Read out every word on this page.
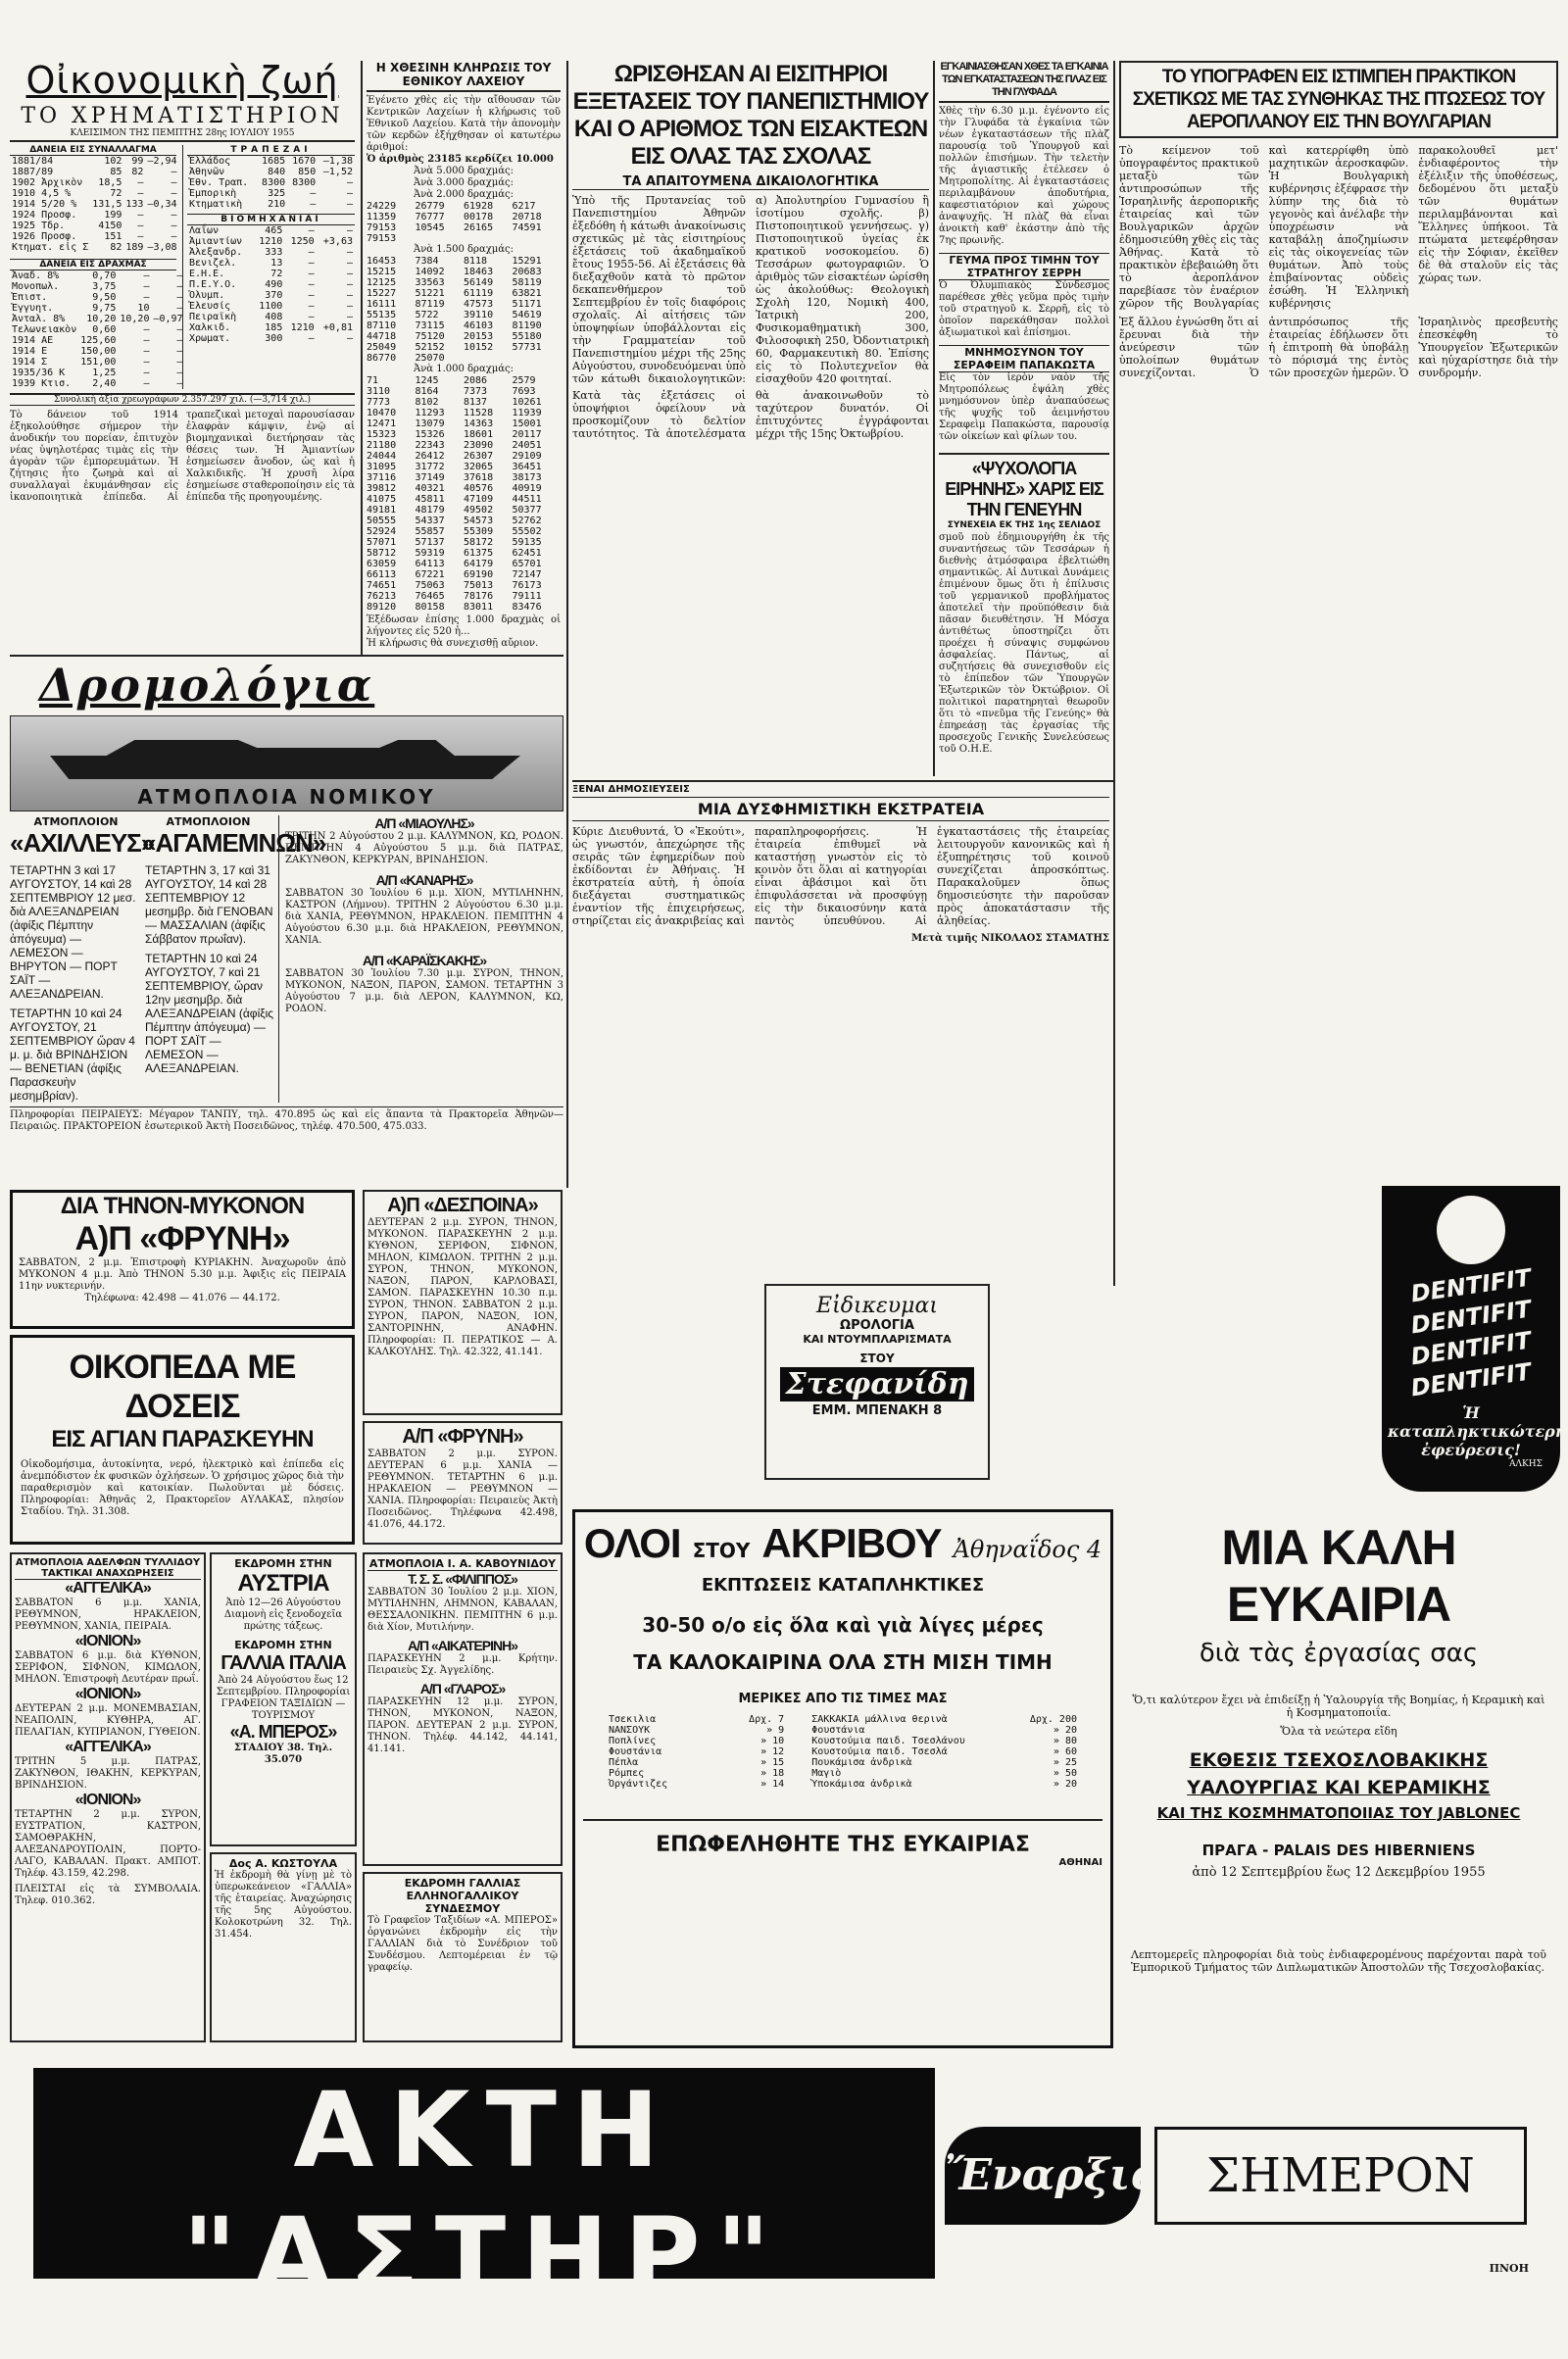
Οἰκονομικὴ ζωή
ΤΟ ΧΡΗΜΑΤΙΣΤΗΡΙΟΝ
ΚΛΕΙΣΙΜΟΝ ΤΗΣ ΠΕΜΠΤΗΣ 28ης ΙΟΥΛΙΟΥ 1955
ΔΑΝΕΙΑ ΕΙΣ ΣΥΝΑΛΛΑΓΜΑ
1881/84	102	99	—2,94
1887/89	85	82	—
1902 Ἀρχικὸν	18,5	—	—
1910 4,5 %	72	—	—
1914 5/20 %	131,5	133	—0,34
1924 Προσφ.	199	—	—
1925 Τδρ.	4150	—	—
1926 Προσφ.	151	—	—
Κτηματ. εἰς Σ	82	189	—3,08
ΔΑΝΕΙΑ ΕΙΣ ΔΡΑΧΜΑΣ
Ἀναδ. 8%	0,70	—	—
Μονοπωλ.	3,75	—	—
Ἐπιστ.	9,50	—	—
Ἐγγυητ.	9,75	10	—
Ἀνταλ. 8%	10,20	10,20	—0,97
Τελωνειακὸν	0,60	—	—
1914 ΑΕ	125,60	—	—
1914 Ε	150,00	—	—
1914 Σ	151,00	—	—
1935/36 Κ	1,25	—	—
1939 Κτισ.	2,40	—	—
ΤΡΑΠΕΖΑΙ
Ἑλλάδος	1685	1670	—1,38
Ἀθηνῶν	840	850	—1,52
Ἐθν. Τραπ.	8300	8300	—
Ἐμπορικὴ	325	—	—
Κτηματικὴ	210	—	—
ΒΙΟΜΗΧΑΝΙΑΙ
Λαΐων	465	—	—
Ἀμιαντίων	1210	1250	+3,63
Ἀλεξανδρ.	333	—	—
Βενιζελ.	13	—	—
Ε.Η.Ε.	72	—	—
Π.Ε.Υ.Ο.	490	—	—
Ὁλυμπ.	370	—	—
Ἑλευσίς	1100	—	—
Πειραϊκὴ	408	—	—
Χαλκιδ.	185	1210	+0,81
Χρωματ.	300	—	—
Συνολικὴ ἀξία χρεωγράφων 2.357.297 χιλ. (—3,714 χιλ.)
Τὸ δάνειον τοῦ 1914 ἐξηκολούθησε σήμερον τὴν ἀνοδικήν του πορείαν, ἐπιτυχὸν νέας ὑψηλοτέρας τιμὰς εἰς τὴν ἀγορὰν τῶν ἐμπορευμάτων. Ἡ ζήτησις ἦτο ζωηρὰ καὶ αἱ συναλλαγαὶ ἐκυμάνθησαν εἰς ἱκανοποιητικὰ ἐπίπεδα. Αἱ τραπεζικαὶ μετοχαὶ παρουσίασαν ἐλαφρὰν κάμψιν, ἐνῷ αἱ βιομηχανικαὶ διετήρησαν τὰς θέσεις των. Ἡ Ἀμιαντίων ἐσημείωσεν ἄνοδον, ὡς καὶ ἡ Χαλκιδικῆς. Ἡ χρυσῆ λίρα ἐσημείωσε σταθεροποίησιν εἰς τὰ ἐπίπεδα τῆς προηγουμένης.
Η ΧΘΕΣΙΝΗ ΚΛΗΡΩΣΙΣ ΤΟΥ ΕΘΝΙΚΟΥ ΛΑΧΕΙΟΥ
Ἐγένετο χθὲς εἰς τὴν αἴθουσαν τῶν Κεντρικῶν Λαχείων ἡ κλήρωσις τοῦ Ἐθνικοῦ Λαχείου. Κατὰ τὴν ἀπονομὴν τῶν κερδῶν ἐξήχθησαν οἱ κατωτέρω ἀριθμοί:
Ὁ ἀριθμὸς 23185 κερδίζει 10.000
Ἀνὰ 5.000 δραχμάς:
Ἀνὰ 3.000 δραχμάς:
Ἀνὰ 2.000 δραχμάς:
24229	26779	61928	6217
11359	76777	00178	20718
79153	10545	26165	74591
79153
Ἀνὰ 1.500 δραχμάς:
16453	7384	8118	15291
15215	14092	18463	20683
12125	33563	56149	58119
15227	51221	61119	63821
16111	87119	47573	51171
55135	5722	39110	54619
87110	73115	46103	81190
44718	75120	20153	55180
25049	52152	10152	57731
86770	25070
Ἀνὰ 1.000 δραχμάς:
71	1245	2086	2579
3110	8164	7373	7693
7773	8102	8137	10261
10470	11293	11528	11939
12471	13079	14363	15001
15323	15326	18601	20117
21180	22343	23090	24051
24044	26412	26307	29109
31095	31772	32065	36451
37116	37149	37618	38173
39812	40321	40576	40919
41075	45811	47109	44511
49181	48179	49502	50377
50555	54337	54573	52762
52924	55857	55309	55502
57071	57137	58172	59135
58712	59319	61375	62451
63059	64113	64179	65701
66113	67221	69190	72147
74651	75063	75013	76173
76213	76465	78176	79111
89120	80158	83011	83476
Ἐξέδωσαν ἐπίσης 1.000 δραχμὰς οἱ λήγοντες εἰς 520 ἡ...
Ἡ κλήρωσις θὰ συνεχισθῇ αὔριον.
ΩΡΙΣΘΗΣΑΝ ΑΙ ΕΙΣΙΤΗΡΙΟΙ ΕΞΕΤΑΣΕΙΣ ΤΟΥ ΠΑΝΕΠΙΣΤΗΜΙΟΥ ΚΑΙ Ο ΑΡΙΘΜΟΣ ΤΩΝ ΕΙΣΑΚΤΕΩΝ ΕΙΣ ΟΛΑΣ ΤΑΣ ΣΧΟΛΑΣ
ΤΑ ΑΠΑΙΤΟΥΜΕΝΑ ΔΙΚΑΙΟΛΟΓΗΤΙΚΑ
Ὑπὸ τῆς Πρυτανείας τοῦ Πανεπιστημίου Ἀθηνῶν ἐξεδόθη ἡ κάτωθι ἀνακοίνωσις σχετικῶς μὲ τὰς εἰσιτηρίους ἐξετάσεις τοῦ ἀκαδημαϊκοῦ ἔτους 1955-56. Αἱ ἐξετάσεις θὰ διεξαχθοῦν κατὰ τὸ πρῶτον δεκαπενθήμερον τοῦ Σεπτεμβρίου ἐν τοῖς διαφόροις σχολαῖς. Αἱ αἰτήσεις τῶν ὑποψηφίων ὑποβάλλονται εἰς τὴν Γραμματείαν τοῦ Πανεπιστημίου μέχρι τῆς 25ης Αὐγούστου, συνοδευόμεναι ὑπὸ τῶν κάτωθι δικαιολογητικῶν: α) Ἀπολυτηρίου Γυμνασίου ἢ ἰσοτίμου σχολῆς. β) Πιστοποιητικοῦ γεννήσεως. γ) Πιστοποιητικοῦ ὑγείας ἐκ κρατικοῦ νοσοκομείου. δ) Τεσσάρων φωτογραφιῶν. Ὁ ἀριθμὸς τῶν εἰσακτέων ὡρίσθη ὡς ἀκολούθως: Θεολογικὴ Σχολὴ 120, Νομικὴ 400, Ἰατρικὴ 200, Φυσικομαθηματικὴ 300, Φιλοσοφικὴ 250, Ὀδοντιατρικὴ 60, Φαρμακευτικὴ 80. Ἐπίσης εἰς τὸ Πολυτεχνεῖον θὰ εἰσαχθοῦν 420 φοιτηταί.
Κατὰ τὰς ἐξετάσεις οἱ ὑποψήφιοι ὀφείλουν νὰ προσκομίζουν τὸ δελτίον ταυτότητος. Τὰ ἀποτελέσματα θὰ ἀνακοινωθοῦν τὸ ταχύτερον δυνατόν. Οἱ ἐπιτυχόντες ἐγγράφονται μέχρι τῆς 15ης Ὀκτωβρίου.
ΕΓΚΑΙΝΙΑΣΘΗΣΑΝ ΧΘΕΣ ΤΑ ΕΓΚΑΙΝΙΑ ΤΩΝ ΕΓΚΑΤΑΣΤΑΣΕΩΝ ΤΗΣ ΠΛΑΖ ΕΙΣ ΤΗΝ ΓΛΥΦΑΔΑ
Χθὲς τὴν 6.30 μ.μ. ἐγένοντο εἰς τὴν Γλυφάδα τὰ ἐγκαίνια τῶν νέων ἐγκαταστάσεων τῆς πλὰζ παρουσίᾳ τοῦ Ὑπουργοῦ καὶ πολλῶν ἐπισήμων. Τὴν τελετὴν τῆς ἁγιαστικῆς ἐτέλεσεν ὁ Μητροπολίτης. Αἱ ἐγκαταστάσεις περιλαμβάνουν ἀποδυτήρια, καφεστιατόριον καὶ χώρους ἀναψυχῆς. Ἡ πλὰζ θὰ εἶναι ἀνοικτὴ καθ' ἑκάστην ἀπὸ τῆς 7ης πρωινῆς.
ΓΕΥΜΑ ΠΡΟΣ ΤΙΜΗΝ ΤΟΥ ΣΤΡΑΤΗΓΟΥ ΣΕΡΡΗ
Ὁ Ὀλυμπιακὸς Σύνδεσμος παρέθεσε χθὲς γεῦμα πρὸς τιμὴν τοῦ στρατηγοῦ κ. Σερρῆ, εἰς τὸ ὁποῖον παρεκάθησαν πολλοὶ ἀξιωματικοὶ καὶ ἐπίσημοι.
ΜΝΗΜΟΣΥΝΟΝ ΤΟΥ ΣΕΡΑΦΕΙΜ ΠΑΠΑΚΩΣΤΑ
Εἰς τὸν ἱερὸν ναὸν τῆς Μητροπόλεως ἐψάλη χθὲς μνημόσυνον ὑπὲρ ἀναπαύσεως τῆς ψυχῆς τοῦ ἀειμνήστου Σεραφεὶμ Παπακώστα, παρουσίᾳ τῶν οἰκείων καὶ φίλων του.
«ΨΥΧΟΛΟΓΙΑ ΕΙΡΗΝΗΣ» ΧΑΡΙΣ ΕΙΣ ΤΗΝ ΓΕΝΕΥΗΝ
ΣΥΝΕΧΕΙΑ ΕΚ ΤΗΣ 1ης ΣΕΛΙΔΟΣ
σμοῦ ποὺ ἐδημιουργήθη ἐκ τῆς συναντήσεως τῶν Τεσσάρων ἡ διεθνὴς ἀτμόσφαιρα ἐβελτιώθη σημαντικῶς. Αἱ Δυτικαὶ Δυνάμεις ἐπιμένουν ὅμως ὅτι ἡ ἐπίλυσις τοῦ γερμανικοῦ προβλήματος ἀποτελεῖ τὴν προϋπόθεσιν διὰ πᾶσαν διευθέτησιν. Ἡ Μόσχα ἀντιθέτως ὑποστηρίζει ὅτι προέχει ἡ σύναψις συμφώνου ἀσφαλείας. Πάντως, αἱ συζητήσεις θὰ συνεχισθοῦν εἰς τὸ ἐπίπεδον τῶν Ὑπουργῶν Ἐξωτερικῶν τὸν Ὀκτώβριον. Οἱ πολιτικοὶ παρατηρηταὶ θεωροῦν ὅτι τὸ «πνεῦμα τῆς Γενεύης» θὰ ἐπηρεάσῃ τὰς ἐργασίας τῆς προσεχοῦς Γενικῆς Συνελεύσεως τοῦ Ο.Η.Ε.
ΤΟ ΥΠΟΓΡΑΦΕΝ ΕΙΣ ΙΣΤΙΜΠΕΗ ΠΡΑΚΤΙΚΟΝ ΣΧΕΤΙΚΩΣ ΜΕ ΤΑΣ ΣΥΝΘΗΚΑΣ ΤΗΣ ΠΤΩΣΕΩΣ ΤΟΥ ΑΕΡΟΠΛΑΝΟΥ ΕΙΣ ΤΗΝ ΒΟΥΛΓΑΡΙΑΝ
Τὸ κείμενον τοῦ ὑπογραφέντος πρακτικοῦ μεταξὺ τῶν ἀντιπροσώπων τῆς Ἰσραηλινῆς ἀεροπορικῆς ἑταιρείας καὶ τῶν Βουλγαρικῶν ἀρχῶν ἐδημοσιεύθη χθὲς εἰς τὰς Ἀθήνας. Κατὰ τὸ πρακτικὸν ἐβεβαιώθη ὅτι τὸ ἀεροπλάνον παρεβίασε τὸν ἐναέριον χῶρον τῆς Βουλγαρίας καὶ κατερρίφθη ὑπὸ μαχητικῶν ἀεροσκαφῶν. Ἡ Βουλγαρικὴ κυβέρνησις ἐξέφρασε τὴν λύπην της διὰ τὸ γεγονὸς καὶ ἀνέλαβε τὴν ὑποχρέωσιν νὰ καταβάλῃ ἀποζημίωσιν εἰς τὰς οἰκογενείας τῶν θυμάτων. Ἀπὸ τοὺς ἐπιβαίνοντας οὐδεὶς ἐσώθη. Ἡ Ἑλληνικὴ κυβέρνησις παρακολουθεῖ μετ' ἐνδιαφέροντος τὴν ἐξέλιξιν τῆς ὑποθέσεως, δεδομένου ὅτι μεταξὺ τῶν θυμάτων περιλαμβάνονται καὶ Ἕλληνες ὑπήκοοι. Τὰ πτώματα μετεφέρθησαν εἰς τὴν Σόφιαν, ἐκεῖθεν δὲ θὰ σταλοῦν εἰς τὰς χώρας των.
Ἐξ ἄλλου ἐγνώσθη ὅτι αἱ ἔρευναι διὰ τὴν ἀνεύρεσιν τῶν ὑπολοίπων θυμάτων συνεχίζονται. Ὁ ἀντιπρόσωπος τῆς ἑταιρείας ἐδήλωσεν ὅτι ἡ ἐπιτροπὴ θὰ ὑποβάλῃ τὸ πόρισμά της ἐντὸς τῶν προσεχῶν ἡμερῶν. Ὁ Ἰσραηλινὸς πρεσβευτὴς ἐπεσκέφθη τὸ Ὑπουργεῖον Ἐξωτερικῶν καὶ ηὐχαρίστησε διὰ τὴν συνδρομήν.
Δρομολόγια
ΑΤΜΟΠΛΟΙΑ ΝΟΜΙΚΟΥ
ΑΤΜΟΠΛΟΙΟΝ
«ΑΧΙΛΛΕΥΣ»
ΑΤΜΟΠΛΟΙΟΝ
«ΑΓΑΜΕΜΝΩΝ»
ΤΕΤΑΡΤΗΝ 3 καὶ 17 ΑΥΓΟΥΣΤΟΥ, 14 καὶ 28 ΣΕΠΤΕΜΒΡΙΟΥ 12 μεσ. διὰ ΑΛΕΞΑΝΔΡΕΙΑΝ (ἀφίξις Πέμπτην ἀπόγευμα) — ΛΕΜΕΣΟΝ — ΒΗΡΥΤΟΝ — ΠΟΡΤ ΣΑΪΤ — ΑΛΕΞΑΝΔΡΕΙΑΝ.
ΤΕΤΑΡΤΗΝ 10 καὶ 24 ΑΥΓΟΥΣΤΟΥ, 21 ΣΕΠΤΕΜΒΡΙΟΥ ὥραν 4 μ. μ. διὰ ΒΡΙΝΔΗΣΙΟΝ — ΒΕΝΕΤΙΑΝ (ἀφίξις Παρασκευὴν μεσημβρίαν).
ΤΕΤΑΡΤΗΝ 3, 17 καὶ 31 ΑΥΓΟΥΣΤΟΥ, 14 καὶ 28 ΣΕΠΤΕΜΒΡΙΟΥ 12 μεσημβρ. διὰ ΓΕΝΟΒΑΝ — ΜΑΣΣΑΛΙΑΝ (ἀφίξις Σάββατον πρωΐαν).
ΤΕΤΑΡΤΗΝ 10 καὶ 24 ΑΥΓΟΥΣΤΟΥ, 7 καὶ 21 ΣΕΠΤΕΜΒΡΙΟΥ, ὥραν 12ην μεσημβρ. διὰ ΑΛΕΞΑΝΔΡΕΙΑΝ (ἀφίξις Πέμπτην ἀπόγευμα) — ΠΟΡΤ ΣΑΪΤ — ΛΕΜΕΣΟΝ — ΑΛΕΞΑΝΔΡΕΙΑΝ.
Α/Π «ΜΙΑΟΥΛΗΣ»
ΤΡΙΤΗΝ 2 Αὐγούστου 2 μ.μ. ΚΑΛΥΜΝΟΝ, ΚΩ, ΡΟΔΟΝ. ΠΕΜΠΤΗΝ 4 Αὐγούστου 5 μ.μ. διὰ ΠΑΤΡΑΣ, ΖΑΚΥΝΘΟΝ, ΚΕΡΚΥΡΑΝ, ΒΡΙΝΔΗΣΙΟΝ.
Α/Π «ΚΑΝΑΡΗΣ»
ΣΑΒΒΑΤΟΝ 30 Ἰουλίου 6 μ.μ. ΧΙΟΝ, ΜΥΤΙΛΗΝΗΝ, ΚΑΣΤΡΟΝ (Λήμνου). ΤΡΙΤΗΝ 2 Αὐγούστου 6.30 μ.μ. διὰ ΧΑΝΙΑ, ΡΕΘΥΜΝΟΝ, ΗΡΑΚΛΕΙΟΝ. ΠΕΜΠΤΗΝ 4 Αὐγούστου 6.30 μ.μ. διὰ ΗΡΑΚΛΕΙΟΝ, ΡΕΘΥΜΝΟΝ, ΧΑΝΙΑ.
Α/Π «ΚΑΡΑΪΣΚΑΚΗΣ»
ΣΑΒΒΑΤΟΝ 30 Ἰουλίου 7.30 μ.μ. ΣΥΡΟΝ, ΤΗΝΟΝ, ΜΥΚΟΝΟΝ, ΝΑΞΟΝ, ΠΑΡΟΝ, ΣΑΜΟΝ. ΤΕΤΑΡΤΗΝ 3 Αὐγούστου 7 μ.μ. διὰ ΛΕΡΟΝ, ΚΑΛΥΜΝΟΝ, ΚΩ, ΡΟΔΟΝ.
Πληροφορίαι ΠΕΙΡΑΙΕΥΣ: Μέγαρον ΤΑΝΠΥ, τηλ. 470.895 ὡς καὶ εἰς ἅπαντα τὰ Πρακτορεῖα Ἀθηνῶν—Πειραιῶς. ΠΡΑΚΤΟΡΕΙΟΝ ἐσωτερικοῦ Ἀκτὴ Ποσειδῶνος, τηλέφ. 470.500, 475.033.
ΞΕΝΑΙ ΔΗΜΟΣΙΕΥΣΕΙΣ
ΜΙΑ ΔΥΣΦΗΜΙΣΤΙΚΗ ΕΚΣΤΡΑΤΕΙΑ
Κύριε Διευθυντά, Ὁ «Ἐκούτι», ὡς γνωστόν, ἀπεχώρησε τῆς σειρᾶς τῶν ἐφημερίδων ποὺ ἐκδίδονται ἐν Ἀθήναις. Ἡ ἐκστρατεία αὐτὴ, ἡ ὁποία διεξάγεται συστηματικῶς ἐναντίον τῆς ἐπιχειρήσεως, στηρίζεται εἰς ἀνακριβείας καὶ παραπληροφορήσεις. Ἡ ἐταιρεία ἐπιθυμεῖ νὰ καταστήσῃ γνωστὸν εἰς τὸ κοινὸν ὅτι ὅλαι αἱ κατηγορίαι εἶναι ἀβάσιμοι καὶ ὅτι ἐπιφυλάσσεται νὰ προσφύγῃ εἰς τὴν δικαιοσύνην κατὰ παντὸς ὑπευθύνου. Αἱ ἐγκαταστάσεις τῆς ἑταιρείας λειτουργοῦν κανονικῶς καὶ ἡ ἐξυπηρέτησις τοῦ κοινοῦ συνεχίζεται ἀπροσκόπτως. Παρακαλοῦμεν ὅπως δημοσιεύσητε τὴν παροῦσαν πρὸς ἀποκατάστασιν τῆς ἀληθείας.
Μετὰ τιμῆς ΝΙΚΟΛΑΟΣ ΣΤΑΜΑΤΗΣ
ΔΙΑ ΤΗΝΟΝ-ΜΥΚΟΝΟΝ
Α)Π «ΦΡΥΝΗ»
ΣΑΒΒΑΤΟΝ, 2 μ.μ. Ἐπιστροφὴ ΚΥΡΙΑΚΗΝ. Ἀναχωροῦν ἀπὸ ΜΥΚΟΝΟΝ 4 μ.μ. Ἀπὸ ΤΗΝΟΝ 5.30 μ.μ. Ἀφιξις εἰς ΠΕΙΡΑΙΑ 11ην νυκτερινήν.
Τηλέφωνα: 42.498 — 41.076 — 44.172.
Α)Π «ΔΕΣΠΟΙΝΑ»
ΔΕΥΤΕΡΑΝ 2 μ.μ. ΣΥΡΟΝ, ΤΗΝΟΝ, ΜΥΚΟΝΟΝ. ΠΑΡΑΣΚΕΥΗΝ 2 μ.μ. ΚΥΘΝΟΝ, ΣΕΡΙΦΟΝ, ΣΙΦΝΟΝ, ΜΗΛΟΝ, ΚΙΜΩΛΟΝ. ΤΡΙΤΗΝ 2 μ.μ. ΣΥΡΟΝ, ΤΗΝΟΝ, ΜΥΚΟΝΟΝ, ΝΑΞΟΝ, ΠΑΡΟΝ, ΚΑΡΛΟΒΑΣΙ, ΣΑΜΟΝ. ΠΑΡΑΣΚΕΥΗΝ 10.30 π.μ. ΣΥΡΟΝ, ΤΗΝΟΝ. ΣΑΒΒΑΤΟΝ 2 μ.μ. ΣΥΡΟΝ, ΠΑΡΟΝ, ΝΑΞΟΝ, ΙΟΝ, ΣΑΝΤΟΡΙΝΗΝ, ΑΝΑΦΗΝ. Πληροφορίαι: Π. ΠΕΡΑΤΙΚΟΣ — Α. ΚΑΛΚΟΥΛΗΣ. Τηλ. 42.322, 41.141.
ΟΙΚΟΠΕΔΑ ΜΕ ΔΟΣΕΙΣ
ΕΙΣ ΑΓΙΑΝ ΠΑΡΑΣΚΕΥΗΝ
Οἰκοδομήσιμα, ἀυτοκίνητα, νερό, ἠλεκτρικὸ καὶ ἐπίπεδα εἰς ἀνεμπόδιστον ἐκ φυσικῶν ὀχλήσεων. Ὁ χρήσιμος χῶρος διὰ τὴν παραθερισμὸν καὶ κατοικίαν. Πωλοῦνται μὲ δόσεις. Πληροφορίαι: Ἀθηνᾶς 2, Πρακτορεῖον ΑΥΛΑΚΑΣ, πλησίον Σταδίου. Τηλ. 31.308.
Α/Π «ΦΡΥΝΗ»
ΣΑΒΒΑΤΟΝ 2 μ.μ. ΣΥΡΟΝ. ΔΕΥΤΕΡΑΝ 6 μ.μ. ΧΑΝΙΑ — ΡΕΘΥΜΝΟΝ. ΤΕΤΑΡΤΗΝ 6 μ.μ. ΗΡΑΚΛΕΙΟΝ — ΡΕΘΥΜΝΟΝ — ΧΑΝΙΑ. Πληροφορίαι: Πειραιεὺς Ἀκτὴ Ποσειδῶνος. Τηλέφωνα 42.498, 41.076, 44.172.
ΑΤΜΟΠΛΟΙΑ ΑΔΕΛΦΩΝ ΤΥΛΛΙΔΟΥ
ΤΑΚΤΙΚΑΙ ΑΝΑΧΩΡΗΣΕΙΣ
«ΑΓΓΕΛΙΚΑ»
ΣΑΒΒΑΤΟΝ 6 μ.μ. ΧΑΝΙΑ, ΡΕΘΥΜΝΟΝ, ΗΡΑΚΛΕΙΟΝ, ΡΕΘΥΜΝΟΝ, ΧΑΝΙΑ, ΠΕΙΡΑΙΑ.
«ΙΟΝΙΟΝ»
ΣΑΒΒΑΤΟΝ 6 μ.μ. διὰ ΚΥΘΝΟΝ, ΣΕΡΙΦΟΝ, ΣΙΦΝΟΝ, ΚΙΜΩΛΟΝ, ΜΗΛΟΝ. Ἐπιστροφὴ Δευτέραν πρωΐ.
«ΙΟΝΙΟΝ»
ΔΕΥΤΕΡΑΝ 2 μ.μ. ΜΟΝΕΜΒΑΣΙΑΝ, ΝΕΑΠΟΛΙΝ, ΚΥΘΗΡΑ, ΑΓ. ΠΕΛΑΓΙΑΝ, ΚΥΠΡΙΑΝΟΝ, ΓΥΘΕΙΟΝ.
«ΑΓΓΕΛΙΚΑ»
ΤΡΙΤΗΝ 5 μ.μ. ΠΑΤΡΑΣ, ΖΑΚΥΝΘΟΝ, ΙΘΑΚΗΝ, ΚΕΡΚΥΡΑΝ, ΒΡΙΝΔΗΣΙΟΝ.
«ΙΟΝΙΟΝ»
ΤΕΤΑΡΤΗΝ 2 μ.μ. ΣΥΡΟΝ, ΕΥΣΤΡΑΤΙΟΝ, ΚΑΣΤΡΟΝ, ΣΑΜΟΘΡΑΚΗΝ, ΑΛΕΞΑΝΔΡΟΥΠΟΛΙΝ, ΠΟΡΤΟ-ΛΑΓΟ, ΚΑΒΑΛΑΝ. Πρακτ. ΑΜΠΟΤ. Τηλέφ. 43.159, 42.298.
ΠΛΕΙΣΤΑΙ εἰς τὰ ΣΥΜΒΟΛΑΙΑ. Τηλεφ. 010.362.
ΕΚΔΡΟΜΗ ΣΤΗΝ
ΑΥΣΤΡΙΑ
Ἀπὸ 12—26 Αὐγούστου Διαμονὴ εἰς ξενοδοχεῖα πρώτης τάξεως.
ΕΚΔΡΟΜΗ ΣΤΗΝ
ΓΑΛΛΙΑ ΙΤΑΛΙΑ
Ἀπὸ 24 Αὐγούστου ἕως 12 Σεπτεμβρίου. Πληροφορίαι ΓΡΑΦΕΙΟΝ ΤΑΞΙΔΙΩΝ — ΤΟΥΡΙΣΜΟΥ
«Α. ΜΠΕΡΟΣ»
ΣΤΑΔΙΟΥ 38. Τηλ. 35.070
Δος Α. ΚΩΣΤΟΥΛΑ
Ἡ ἐκδρομὴ θὰ γίνῃ μὲ τὸ ὑπερωκεάνειον «ΓΑΛΛΙΑ» τῆς ἑταιρείας. Ἀναχώρησις τῆς 5ης Αὐγούστου. Κολοκοτρώνη 32. Τηλ. 31.454.
ΑΤΜΟΠΛΟΙΑ Ι. Α. ΚΑΒΟΥΝΙΔΟΥ
Τ. Σ. Σ. «ΦΙΛΙΠΠΟΣ»
ΣΑΒΒΑΤΟΝ 30 Ἰουλίου 2 μ.μ. ΧΙΟΝ, ΜΥΤΙΛΗΝΗΝ, ΛΗΜΝΟΝ, ΚΑΒΑΛΑΝ, ΘΕΣΣΑΛΟΝΙΚΗΝ. ΠΕΜΠΤΗΝ 6 μ.μ. διὰ Χίον, Μυτιλήνην.
Α/Π «ΑΙΚΑΤΕΡΙΝΗ»
ΠΑΡΑΣΚΕΥΗΝ 2 μ.μ. Κρήτην. Πειραιεὺς Σχ. Ἀγγελίδης.
Α/Π «ΓΛΑΡΟΣ»
ΠΑΡΑΣΚΕΥΗΝ 12 μ.μ. ΣΥΡΟΝ, ΤΗΝΟΝ, ΜΥΚΟΝΟΝ, ΝΑΞΟΝ, ΠΑΡΟΝ. ΔΕΥΤΕΡΑΝ 2 μ.μ. ΣΥΡΟΝ, ΤΗΝΟΝ. Τηλέφ. 44.142, 44.141, 41.141.
ΕΚΔΡΟΜΗ ΓΑΛΛΙΑΣ ΕΛΛΗΝΟΓΑΛΛΙΚΟΥ ΣΥΝΔΕΣΜΟΥ
Τὸ Γραφεῖον Ταξιδίων «Α. ΜΠΕΡΟΣ» ὀργανώνει ἐκδρομὴν εἰς τὴν ΓΑΛΛΙΑΝ διὰ τὸ Συνέδριον τοῦ Συνδέσμου. Λεπτομέρειαι ἐν τῷ γραφείῳ.
Εἰδικευμαι
ΩΡΟΛΟΓΙΑ
ΚΑΙ ΝΤΟΥΜΠΛΑΡΙΣΜΑΤΑ
ΣΤΟΥ
Στεφανίδη
ΕΜΜ. ΜΠΕΝΑΚΗ 8
ΟΛΟΙ ΣΤΟΥ ΑΚΡΙΒΟΥ Ἀθηναΐδος 4
ΕΚΠΤΩΣΕΙΣ ΚΑΤΑΠΛΗΚΤΙΚΕΣ
30-50 ο/ο εἰς ὅλα καὶ γιὰ λίγες μέρες
ΤΑ ΚΑΛΟΚΑΙΡΙΝΑ ΟΛΑ ΣΤΗ ΜΙΣΗ ΤΙΜΗ
ΜΕΡΙΚΕΣ ΑΠΟ ΤΙΣ ΤΙΜΕΣ ΜΑΣ
Τσεκιλια	Δρχ. 7
ΝΑΝΣΟΥΚ	» 9
Ποπλίνες	» 10
Φουστάνια	» 12
Πέπλα	» 15
Ρόμπες	» 18
Ὀργάντιζες	» 14
ΣΑΚΚΑΚΙΑ μάλλινα θερινὰ	Δρχ. 200
Φουστάνια	» 20
Κουστούμια παιδ. Τσεσλάνου	» 80
Κουστούμια παιδ. Τσεσλά	» 60
Πουκάμισα ἀνδρικὰ	» 25
Μαγιὸ	» 50
Ὑποκάμισα ἀνδρικὰ	» 20
ΕΠΩΦΕΛΗΘΗΤΕ ΤΗΣ ΕΥΚΑΙΡΙΑΣ
ΑΘΗΝΑΙ
DENTIFIT
DENTIFIT
DENTIFIT
DENTIFIT
Ἡ καταπληκτικώτερη ἐφεύρεσις!
ΑΛΚΗΣ
ΜΙΑ ΚΑΛΗ ΕΥΚΑΙΡΙΑ
διὰ τὰς ἐργασίας σας
Ὅ,τι καλύτερον ἔχει νὰ ἐπιδείξῃ ἡ Ὑαλουργία τῆς Βοημίας, ἡ Κεραμικὴ καὶ ἡ Κοσμηματοποιΐα.
Ὅλα τὰ νεώτερα εἴδη
ΕΚΘΕΣΙΣ ΤΣΕΧΟΣΛΟΒΑΚΙΚΗΣ
ΥΑΛΟΥΡΓΙΑΣ ΚΑΙ ΚΕΡΑΜΙΚΗΣ
ΚΑΙ ΤΗΣ ΚΟΣΜΗΜΑΤΟΠΟΙΙΑΣ ΤΟΥ JABLONEC
ΠΡΑΓΑ - PALAIS DES HIBERNIENS
ἀπὸ 12 Σεπτεμβρίου ἕως 12 Δεκεμβρίου 1955
Λεπτομερεῖς πληροφορίαι διὰ τοὺς ἐνδιαφερομένους παρέχονται παρὰ τοῦ Ἐμπορικοῦ Τμήματος τῶν Διπλωματικῶν Ἀποστολῶν τῆς Τσεχοσλοβακίας.
ΑΚΤΗ "ΑΣΤΗΡ"
(ΓΛΥΦΑΔΑ)
Ἔναρξις	ΣΗΜΕΡΟΝ
ΠΝΟΗ
